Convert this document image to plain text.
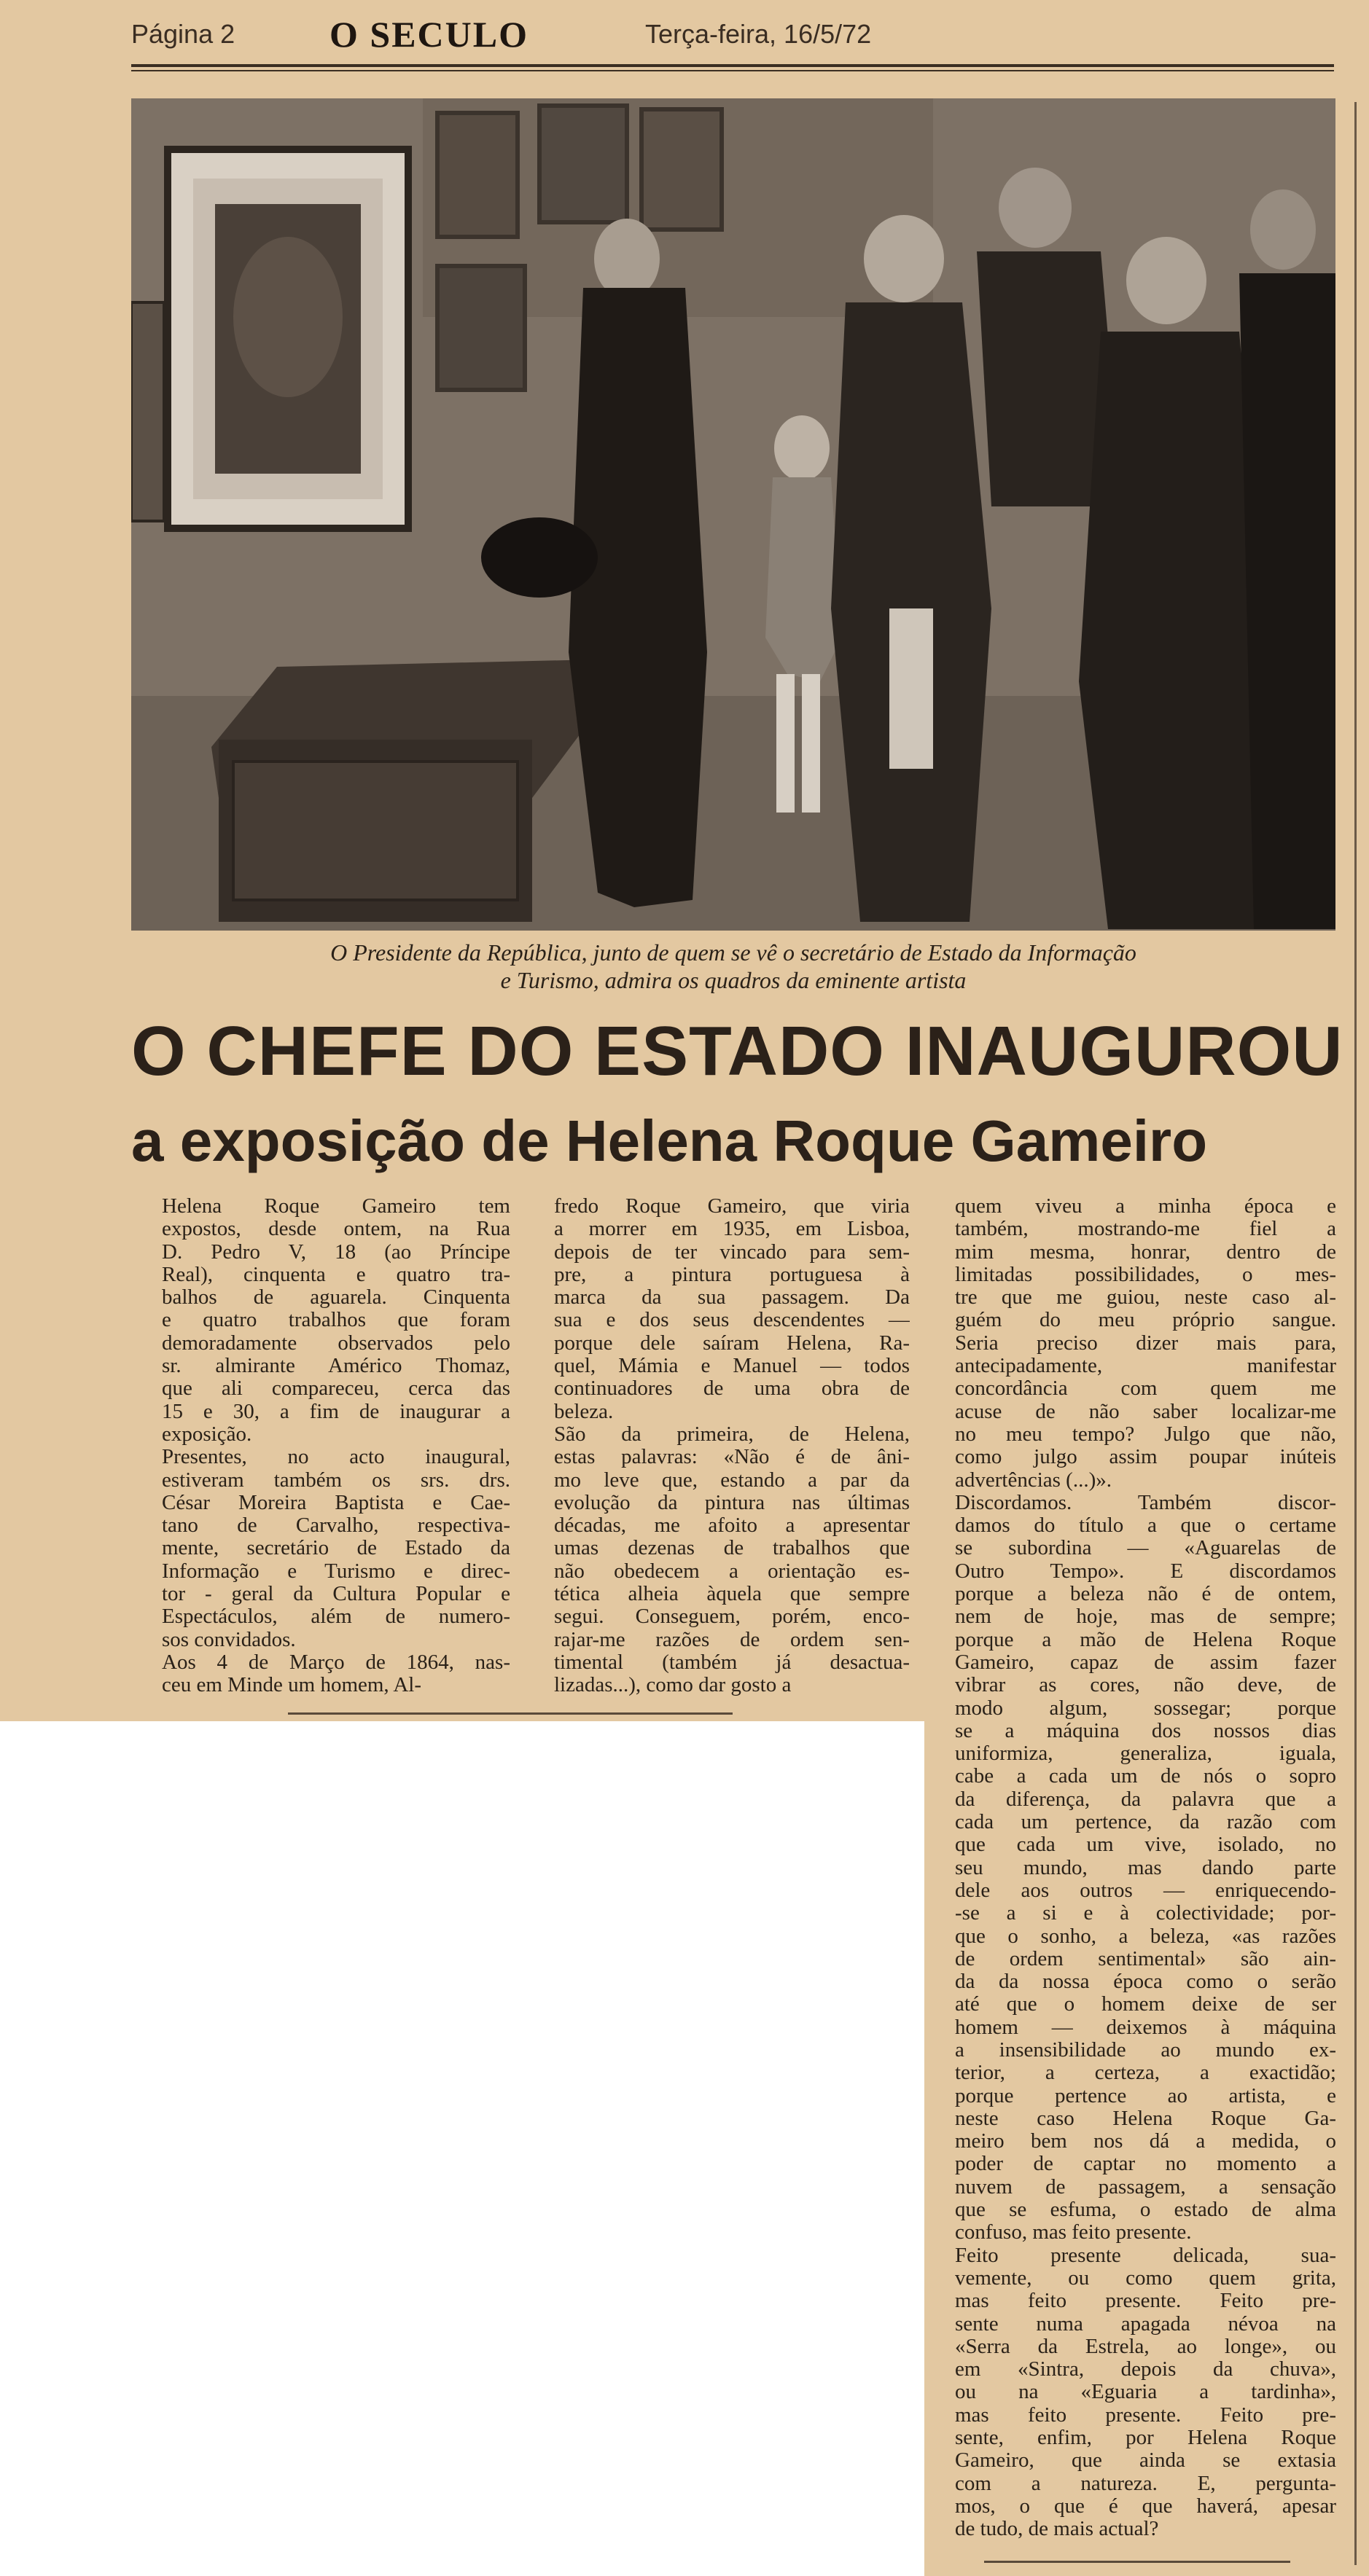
Página 2	O SECULO	Terça-feira, 16/5/72
O Presidente da República, junto de quem se vê o secretário de Estado da Informação
e Turismo, admira os quadros da eminente artista
O CHEFE DO ESTADO INAUGUROU
a exposição de Helena Roque Gameiro

Helena Roque Gameiro tem
expostos, desde ontem, na Rua
D. Pedro V, 18 (ao Príncipe
Real), cinquenta e quatro tra-
balhos de aguarela. Cinquenta
e quatro trabalhos que foram
demoradamente observados pelo
sr. almirante Américo Thomaz,
que ali compareceu, cerca das
15 e 30, a fim de inaugurar a
exposição.

Presentes, no acto inaugural,
estiveram também os srs. drs.
César Moreira Baptista e Cae-
tano de Carvalho, respectiva-
mente, secretário de Estado da
Informação e Turismo e direc-
tor - geral da Cultura Popular e
Espectáculos, além de numero-
sos convidados.

Aos 4 de Março de 1864, nas-
ceu em Minde um homem, Al-

fredo Roque Gameiro, que viria
a morrer em 1935, em Lisboa,
depois de ter vincado para sem-
pre, a pintura portuguesa à
marca da sua passagem. Da
sua e dos seus descendentes —
porque dele saíram Helena, Ra-
quel, Mámia e Manuel — todos
continuadores de uma obra de
beleza.

São da primeira, de Helena,
estas palavras: «Não é de âni-
mo leve que, estando a par da
evolução da pintura nas últimas
décadas, me afoito a apresentar
umas dezenas de trabalhos que
não obedecem a orientação es-
tética alheia àquela que sempre
segui. Conseguem, porém, enco-
rajar-me razões de ordem sen-
timental (também já desactua-
lizadas...), como dar gosto a

quem viveu a minha época e
também, mostrando-me fiel a
mim mesma, honrar, dentro de
limitadas possibilidades, o mes-
tre que me guiou, neste caso al-
guém do meu próprio sangue.
Seria preciso dizer mais para,
antecipadamente, manifestar
concordância com quem me
acuse de não saber localizar-me
no meu tempo? Julgo que não,
como julgo assim poupar inúteis
advertências (...)».

Discordamos. Também discor-
damos do título a que o certame
se subordina — «Aguarelas de
Outro Tempo». E discordamos
porque a beleza não é de ontem,
nem de hoje, mas de sempre;
porque a mão de Helena Roque
Gameiro, capaz de assim fazer
vibrar as cores, não deve, de
modo algum, sossegar; porque
se a máquina dos nossos dias
uniformiza, generaliza, iguala,
cabe a cada um de nós o sopro
da diferença, da palavra que a
cada um pertence, da razão com
que cada um vive, isolado, no
seu mundo, mas dando parte
dele aos outros — enriquecendo-
-se a si e à colectividade; por-
que o sonho, a beleza, «as razões
de ordem sentimental» são ain-
da da nossa época como o serão
até que o homem deixe de ser
homem — deixemos à máquina
a insensibilidade ao mundo ex-
terior, a certeza, a exactidão;
porque pertence ao artista, e
neste caso Helena Roque Ga-
meiro bem nos dá a medida, o
poder de captar no momento a
nuvem de passagem, a sensação
que se esfuma, o estado de alma
confuso, mas feito presente.

Feito presente delicada, sua-
vemente, ou como quem grita,
mas feito presente. Feito pre-
sente numa apagada névoa na
«Serra da Estrela, ao longe», ou
em «Sintra, depois da chuva»,
ou na «Eguaria a tardinha»,
mas feito presente. Feito pre-
sente, enfim, por Helena Roque
Gameiro, que ainda se extasia
com a natureza. E, pergunta-
mos, o que é que haverá, apesar
de tudo, de mais actual?
